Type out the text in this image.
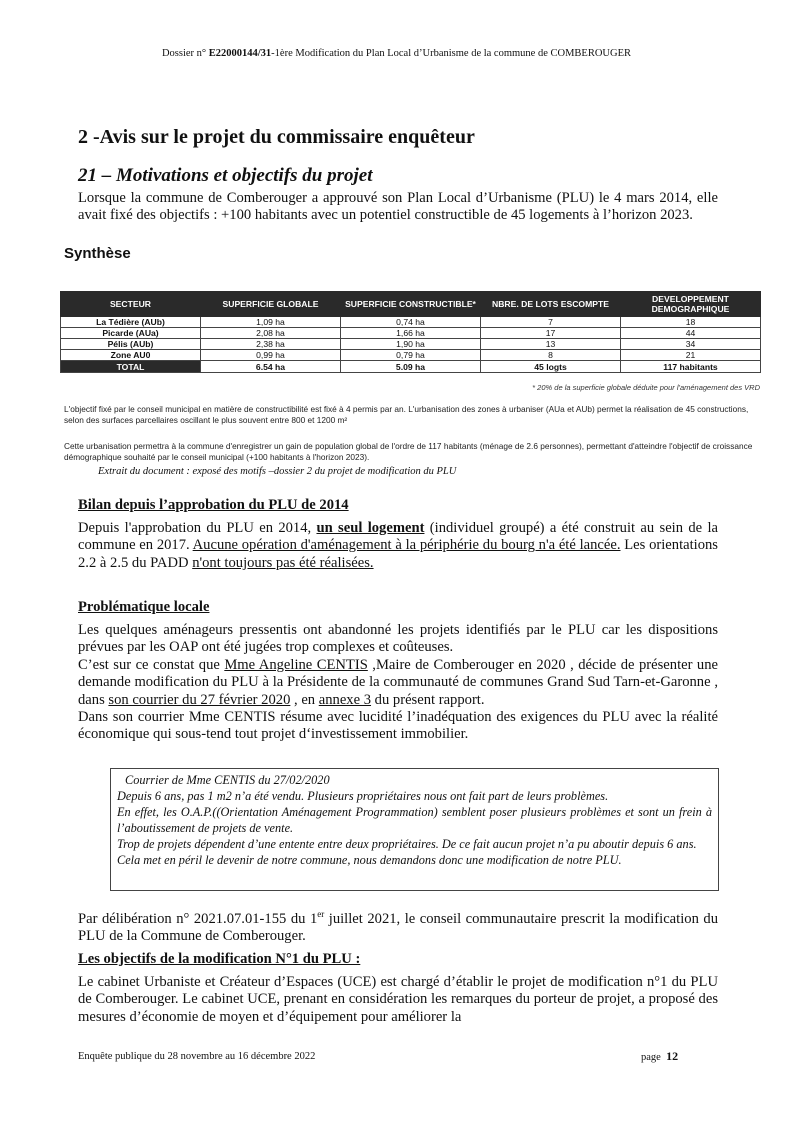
Dossier n° E22000144/31-1ère Modification du Plan Local d’Urbanisme de la commune de COMBEROUGER
2 -Avis sur le projet du commissaire enquêteur
21 – Motivations et objectifs du projet

Lorsque la commune de Comberouger a approuvé son Plan Local d’Urbanisme (PLU) le 4 mars 2014, elle avait fixé des objectifs : +100 habitants avec un potentiel constructible de 45 logements à l’horizon 2023.

Synthèse
SECTEUR	SUPERFICIE GLOBALE	SUPERFICIE CONSTRUCTIBLE*	NBRE. DE LOTS ESCOMPTE	DEVELOPPEMENT DEMOGRAPHIQUE
La Tédière (AUb)	1,09 ha	0,74 ha	7	18
Picarde (AUa)	2,08 ha	1,66 ha	17	44
Pélis (AUb)	2,38 ha	1,90 ha	13	34
Zone AU0	0,99 ha	0,79 ha	8	21
TOTAL	6.54 ha	5.09 ha	45 logts	117 habitants
* 20% de la superficie globale déduite pour l'aménagement des VRD

L'objectif fixé par le conseil municipal en matière de constructibilité est fixé à 4 permis par an. L'urbanisation des zones à urbaniser (AUa et AUb) permet la réalisation de 45 constructions, selon des surfaces parcellaires oscillant le plus souvent entre 800 et 1200 m²

Cette urbanisation permettra à la commune d'enregistrer un gain de population global de l'ordre de 117 habitants (ménage de 2.6 personnes), permettant d'atteindre l'objectif de croissance démographique souhaité par le conseil municipal (+100 habitants à l'horizon 2023).

Extrait du document : exposé des motifs –dossier 2 du projet de modification du PLU
Bilan depuis l’approbation du PLU de 2014

Depuis l'approbation du PLU en 2014, un seul logement (individuel groupé) a été construit au sein de la commune en 2017. Aucune opération d'aménagement à la périphérie du bourg n'a été lancée. Les orientations 2.2 à 2.5 du PADD n'ont toujours pas été réalisées.

Problématique locale

Les quelques aménageurs pressentis ont abandonné les projets identifiés par le PLU car les dispositions prévues par les OAP ont été jugées trop complexes et coûteuses.

C’est sur ce constat que Mme Angeline CENTIS ,Maire de Comberouger en 2020 , décide de présenter une demande modification du PLU à la Présidente de la communauté de communes Grand Sud Tarn-et-Garonne , dans son courrier du 27 février 2020 , en annexe 3 du présent rapport.

Dans son courrier Mme CENTIS résume avec lucidité l’inadéquation des exigences du PLU avec la réalité économique qui sous-tend tout projet d‘investissement immobilier.

Courrier de Mme CENTIS du 27/02/2020
Depuis 6 ans, pas 1 m2 n’a été vendu. Plusieurs propriétaires nous ont fait part de leurs problèmes.
En effet, les O.A.P.((Orientation Aménagement Programmation) semblent poser plusieurs problèmes et sont un frein à l’aboutissement de projets de vente.
Trop de projets dépendent d’une entente entre deux propriétaires. De ce fait aucun projet n’a pu aboutir depuis 6 ans.
Cela met en péril le devenir de notre commune, nous demandons donc une modification de notre PLU.

Par délibération n° 2021.07.01-155 du 1er juillet 2021, le conseil communautaire prescrit la modification du PLU de la Commune de Comberouger.

Les objectifs de la modification N°1 du PLU :

Le cabinet Urbaniste et Créateur d’Espaces (UCE) est chargé d’établir le projet de modification n°1 du PLU de Comberouger. Le cabinet UCE, prenant en considération les remarques du porteur de projet, a proposé des mesures d’économie de moyen et d’équipement pour améliorer la

Enquête publique du 28 novembre au 16 décembre 2022	page 12
